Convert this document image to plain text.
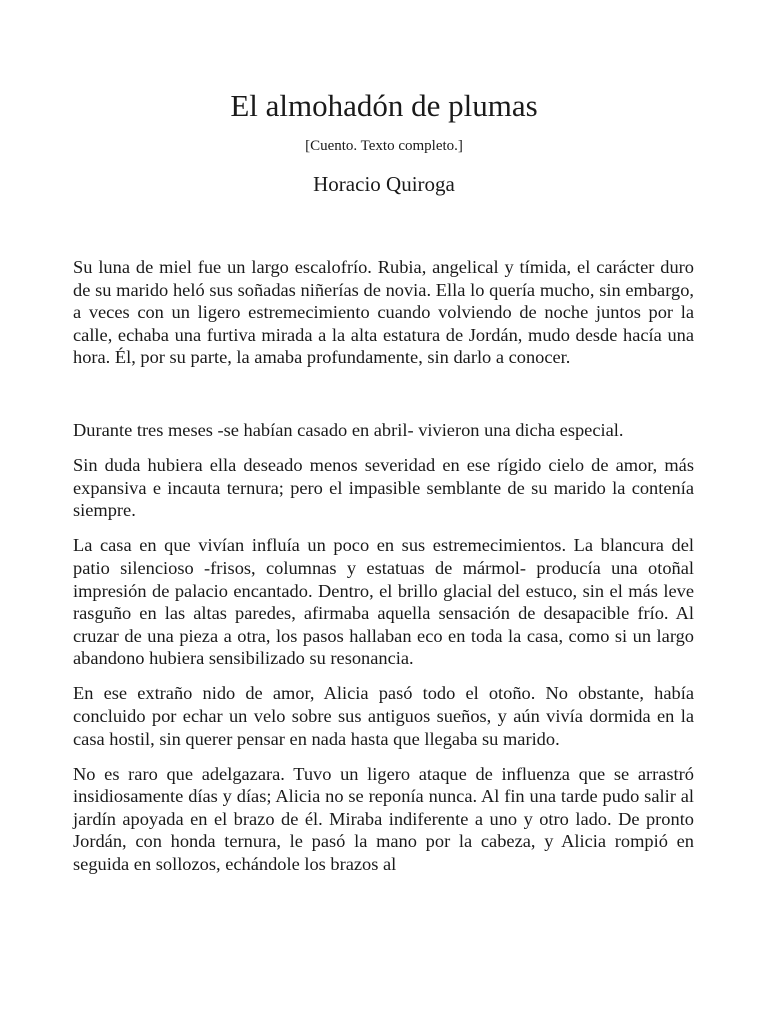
El almohadón de plumas

[Cuento. Texto completo.]

Horacio Quiroga

Su luna de miel fue un largo escalofrío. Rubia, angelical y tímida, el carácter duro de su marido heló sus soñadas niñerías de novia. Ella lo quería mucho, sin embargo, a veces con un ligero estremecimiento cuando volviendo de noche juntos por la calle, echaba una furtiva mirada a la alta estatura de Jordán, mudo desde hacía una hora. Él, por su parte, la amaba profundamente, sin darlo a conocer.

Durante tres meses -se habían casado en abril- vivieron una dicha especial.

Sin duda hubiera ella deseado menos severidad en ese rígido cielo de amor, más expansiva e incauta ternura; pero el impasible semblante de su marido la contenía siempre.

La casa en que vivían influía un poco en sus estremecimientos. La blancura del patio silencioso -frisos, columnas y estatuas de mármol- producía una otoñal impresión de palacio encantado. Dentro, el brillo glacial del estuco, sin el más leve rasguño en las altas paredes, afirmaba aquella sensación de desapacible frío. Al cruzar de una pieza a otra, los pasos hallaban eco en toda la casa, como si un largo abandono hubiera sensibilizado su resonancia.

En ese extraño nido de amor, Alicia pasó todo el otoño. No obstante, había concluido por echar un velo sobre sus antiguos sueños, y aún vivía dormida en la casa hostil, sin querer pensar en nada hasta que llegaba su marido.

No es raro que adelgazara. Tuvo un ligero ataque de influenza que se arrastró insidiosamente días y días; Alicia no se reponía nunca. Al fin una tarde pudo salir al jardín apoyada en el brazo de él. Miraba indiferente a uno y otro lado. De pronto Jordán, con honda ternura, le pasó la mano por la cabeza, y Alicia rompió en seguida en sollozos, echándole los brazos al
